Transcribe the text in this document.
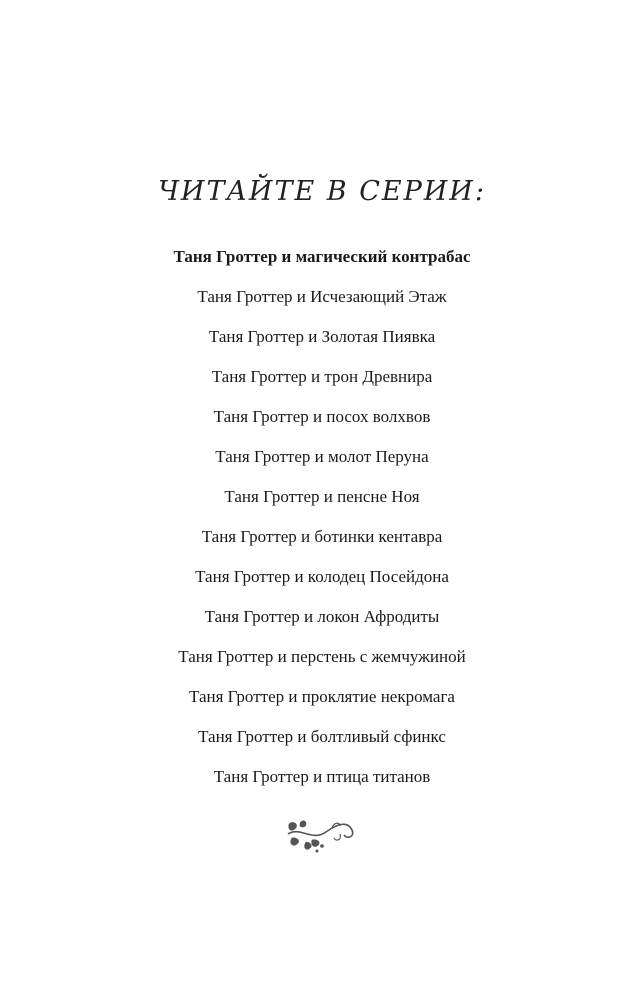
ЧИТАЙТЕ В СЕРИИ:
Таня Гроттер и магический контрабас
Таня Гроттер и Исчезающий Этаж
Таня Гроттер и Золотая Пиявка
Таня Гроттер и трон Древнира
Таня Гроттер и посох волхвов
Таня Гроттер и молот Перуна
Таня Гроттер и пенсне Ноя
Таня Гроттер и ботинки кентавра
Таня Гроттер и колодец Посейдона
Таня Гроттер и локон Афродиты
Таня Гроттер и перстень с жемчужиной
Таня Гроттер и проклятие некромага
Таня Гроттер и болтливый сфинкс
Таня Гроттер и птица титанов
